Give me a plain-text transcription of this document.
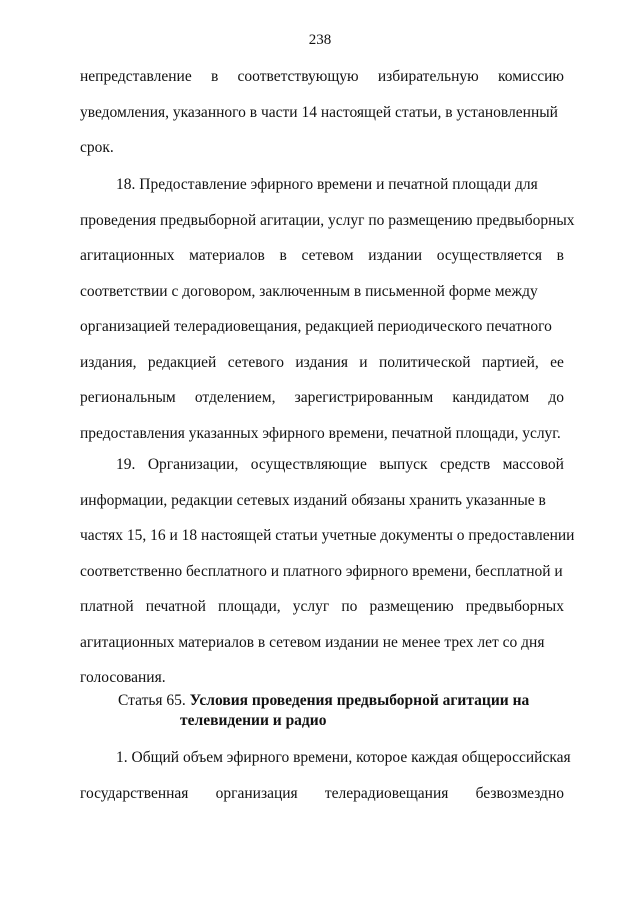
238
непредставление в соответствующую избирательную комиссию
уведомления, указанного в части 14 настоящей статьи, в установленный
срок.
18. Предоставление эфирного времени и печатной площади для
проведения предвыборной агитации, услуг по размещению предвыборных
агитационных материалов в сетевом издании осуществляется в
соответствии с договором, заключенным в письменной форме между
организацией телерадиовещания, редакцией периодического печатного
издания, редакцией сетевого издания и политической партией, ее
региональным отделением, зарегистрированным кандидатом до
предоставления указанных эфирного времени, печатной площади, услуг.
19. Организации, осуществляющие выпуск средств массовой
информации, редакции сетевых изданий обязаны хранить указанные в
частях 15, 16 и 18 настоящей статьи учетные документы о предоставлении
соответственно бесплатного и платного эфирного времени, бесплатной и
платной печатной площади, услуг по размещению предвыборных
агитационных материалов в сетевом издании не менее трех лет со дня
голосования.
Статья 65. Условия проведения предвыборной агитации на
телевидении и радио
1. Общий объем эфирного времени, которое каждая общероссийская
государственная организация телерадиовещания безвозмездно
